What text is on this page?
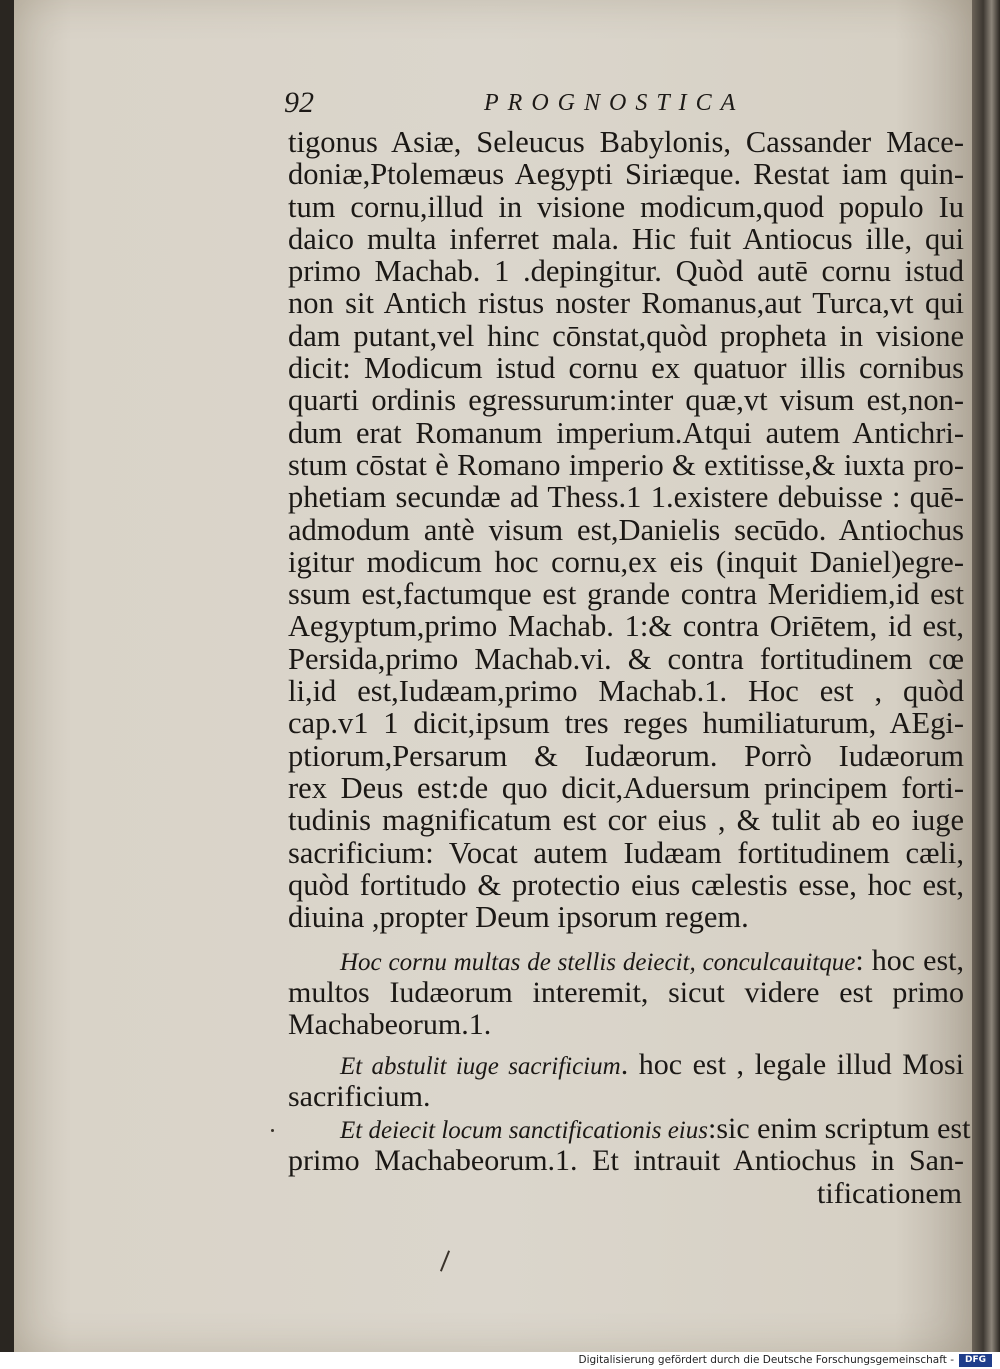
92	PROGNOSTICA
tigonus Asiæ, Seleucus Babylonis, Cassander Mace-
doniæ,Ptolemæus Aegypti Siriæque. Restat iam quin-
tum cornu,illud in visione modicum,quod populo Iu
daico multa inferret mala. Hic fuit Antiocus ille, qui
primo Machab. 1 .depingitur. Quòd autē cornu istud
non sit Antich ristus noster Romanus,aut Turca,vt qui
dam putant,vel hinc cōnstat,quòd propheta in visione
dicit: Modicum istud cornu ex quatuor illis cornibus
quarti ordinis egressurum:inter quæ,vt visum est,non-
dum erat Romanum imperium.Atqui autem Antichri-
stum cōstat è Romano imperio & extitisse,& iuxta pro-
phetiam secundæ ad Thess.1 1.existere debuisse : quē-
admodum antè visum est,Danielis secūdo. Antiochus
igitur modicum hoc cornu,ex eis (inquit Daniel)egre-
ssum est,factumque est grande contra Meridiem,id est
Aegyptum,primo Machab. 1:& contra Oriētem, id est,
Persida,primo Machab.vi. & contra fortitudinem cœ
li,id est,Iudæam,primo Machab.1. Hoc est , quòd
cap.v1 1 dicit,ipsum tres reges humiliaturum, AEgi-
ptiorum,Persarum & Iudæorum. Porrò Iudæorum
rex Deus est:de quo dicit,Aduersum principem forti-
tudinis magnificatum est cor eius , & tulit ab eo iuge
sacrificium: Vocat autem Iudæam fortitudinem cæli,
quòd fortitudo & protectio eius cælestis esse, hoc est,
diuina ,propter Deum ipsorum regem.
Hoc cornu multas de stellis deiecit, conculcauitque: hoc est,
multos Iudæorum interemit, sicut videre est primo
Machabeorum.1.
Et abstulit iuge sacrificium. hoc est , legale illud Mosi
sacrificium.
Et deiecit locum sanctificationis eius:sic enim scriptum est
primo Machabeorum.1. Et intrauit Antiochus in San-
tificationem
Digitalisierung gefördert durch die Deutsche Forschungsgemeinschaft -	DFG
